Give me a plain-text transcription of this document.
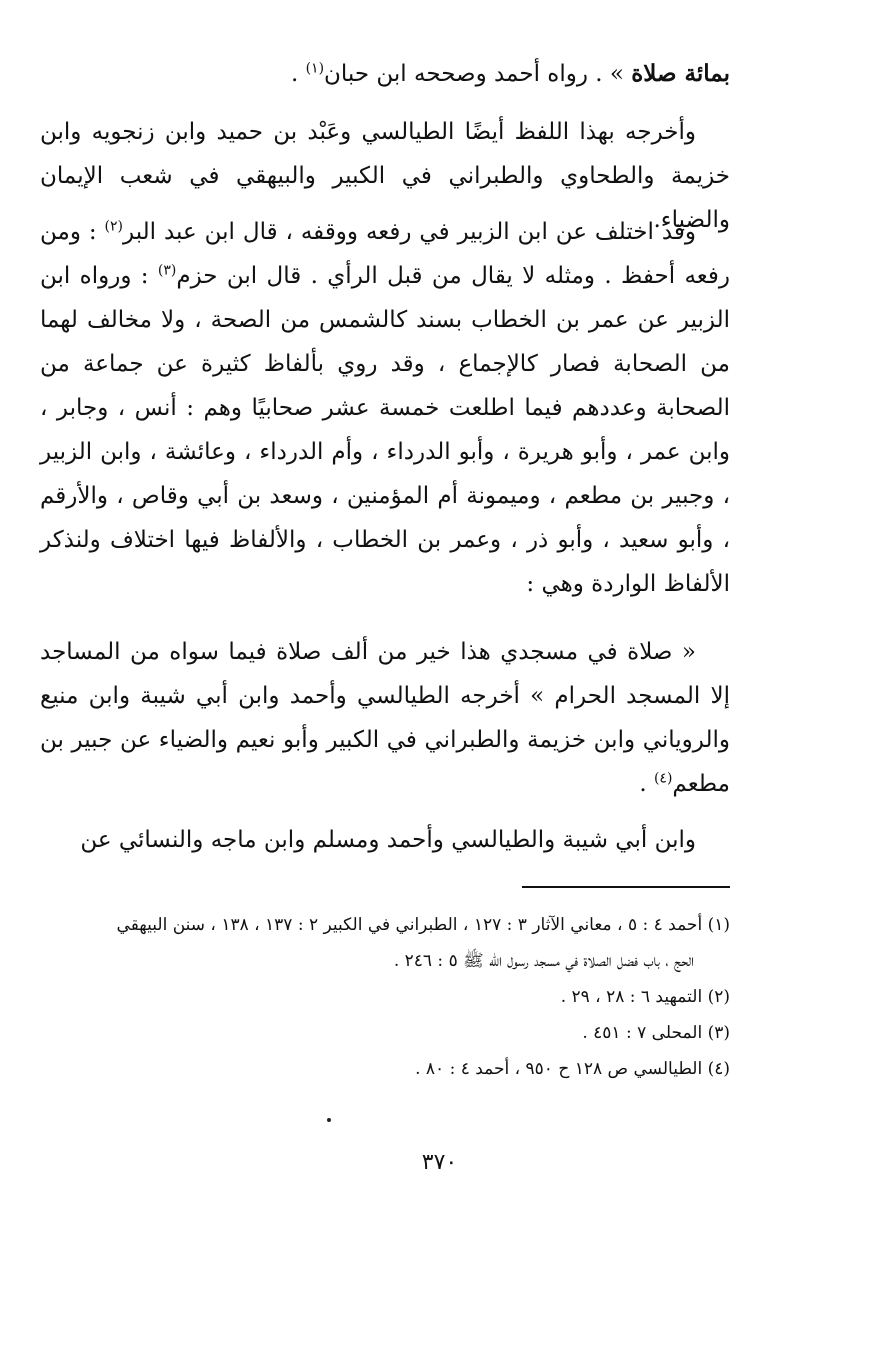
بمائة صلاة » . رواه أحمد وصححه ابن حبان$^{(١)}$ .

وأخرجه بهذا اللفظ أيضًا الطيالسي وعَبْد بن حميد وابن زنجويه وابن خزيمة والطحاوي والطبراني في الكبير والبيهقي في شعب الإيمان والضياء.

وقد اختلف عن ابن الزبير في رفعه ووقفه ، قال ابن عبد البر$^{(٢)}$ : ومن رفعه أحفظ . ومثله لا يقال من قبل الرأي . قال ابن حزم$^{(٣)}$ : ورواه ابن الزبير عن عمر بن الخطاب بسند كالشمس من الصحة ، ولا مخالف لهما من الصحابة فصار كالإجماع ، وقد روي بألفاظ كثيرة عن جماعة من الصحابة وعددهم فيما اطلعت خمسة عشر صحابيًا وهم : أنس ، وجابر ، وابن عمر ، وأبو هريرة ، وأبو الدرداء ، وأم الدرداء ، وعائشة ، وابن الزبير ، وجبير بن مطعم ، وميمونة أم المؤمنين ، وسعد بن أبي وقاص ، والأرقم ، وأبو سعيد ، وأبو ذر ، وعمر بن الخطاب ، والألفاظ فيها اختلاف ولنذكر الألفاظ الواردة وهي :

« صلاة في مسجدي هذا خير من ألف صلاة فيما سواه من المساجد إلا المسجد الحرام » أخرجه الطيالسي وأحمد وابن أبي شيبة وابن منيع والروياني وابن خزيمة والطبراني في الكبير وأبو نعيم والضياء عن جبير بن مطعم$^{(٤)}$ .

وابن أبي شيبة والطيالسي وأحمد ومسلم وابن ماجه والنسائي عن

(١) أحمد ٤ : ٥ ، معاني الآثار ٣ : ١٢٧ ، الطبراني في الكبير ٢ : ١٣٧ ، ١٣٨ ، سنن البيهقي

الحج ، باب فضل الصلاة في مسجد رسول الله ﷺ ٥ : ٢٤٦ .

(٢) التمهيد ٦ : ٢٨ ، ٢٩ .

(٣) المحلى ٧ : ٤٥١ .

(٤) الطيالسي ص ١٢٨ ح ٩٥٠ ، أحمد ٤ : ٨٠ .

٣٧٠
